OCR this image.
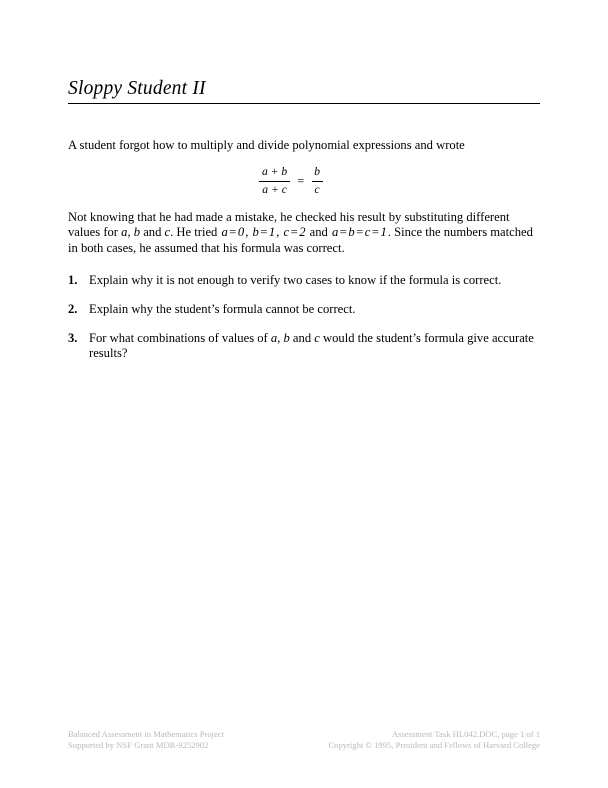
Sloppy Student II

A student forgot how to multiply and divide polynomial expressions and wrote

$\frac{a + b}{a + c} = \frac{b}{c}$

Not knowing that he had made a mistake, he checked his result by substituting different values for a, b and c. He tried a = 0, b = 1, c = 2 and a = b = c = 1. Since the numbers matched in both cases, he assumed that his formula was correct.

1. Explain why it is not enough to verify two cases to know if the formula is correct.
2. Explain why the student’s formula cannot be correct.
3. For what combinations of values of a, b and c would the student’s formula give accurate results?
Balanced Assessment in Mathematics Project
Supported by NSF Grant MDR-9252902
Assessment Task HL042.DOC, page 1 of 1
Copyright © 1995, President and Fellows of Harvard College
